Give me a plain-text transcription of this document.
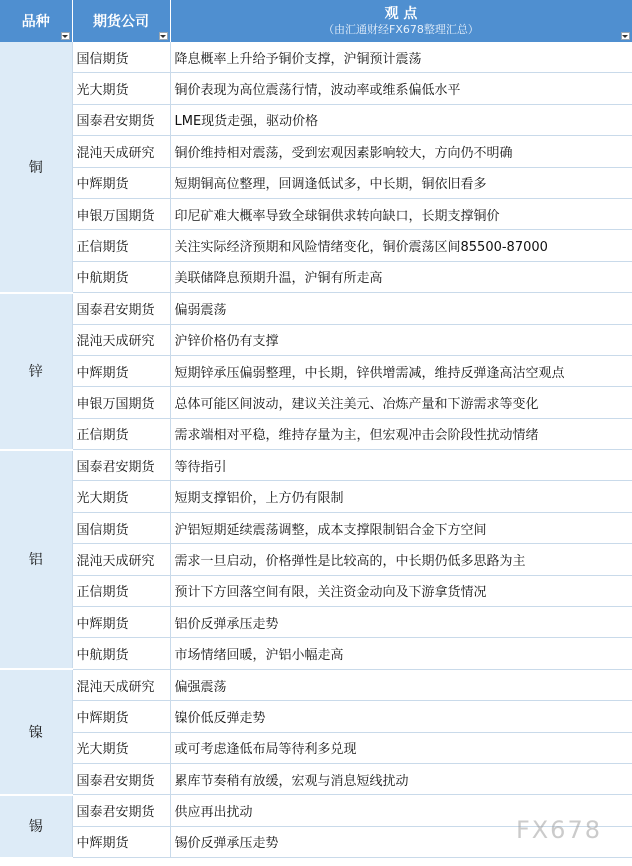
品种	期货公司	观 点
（由汇通财经FX678整理汇总）

铜	国信期货	降息概率上升给予铜价支撑，沪铜预计震荡
	光大期货	铜价表现为高位震荡行情，波动率或维系偏低水平
	国泰君安期货	LME现货走强，驱动价格
	混沌天成研究	铜价维持相对震荡，受到宏观因素影响较大，方向仍不明确
	中辉期货	短期铜高位整理，回调逢低试多，中长期，铜依旧看多
	申银万国期货	印尼矿难大概率导致全球铜供求转向缺口，长期支撑铜价
	正信期货	关注实际经济预期和风险情绪变化，铜价震荡区间85500-87000
	中航期货	美联储降息预期升温，沪铜有所走高
锌	国泰君安期货	偏弱震荡
	混沌天成研究	沪锌价格仍有支撑
	中辉期货	短期锌承压偏弱整理，中长期，锌供增需减，维持反弹逢高沽空观点
	申银万国期货	总体可能区间波动，建议关注美元、冶炼产量和下游需求等变化
	正信期货	需求端相对平稳，维持存量为主，但宏观冲击会阶段性扰动情绪
铝	国泰君安期货	等待指引
	光大期货	短期支撑铝价，上方仍有限制
	国信期货	沪铝短期延续震荡调整，成本支撑限制铝合金下方空间
	混沌天成研究	需求一旦启动，价格弹性是比较高的，中长期仍低多思路为主
	正信期货	预计下方回落空间有限，关注资金动向及下游拿货情况
	中辉期货	铝价反弹承压走势
	中航期货	市场情绪回暖，沪铝小幅走高
镍	混沌天成研究	偏强震荡
	中辉期货	镍价低反弹走势
	光大期货	或可考虑逢低布局等待利多兑现
	国泰君安期货	累库节奏稍有放缓，宏观与消息短线扰动
锡	国泰君安期货	供应再出扰动
	中辉期货	锡价反弹承压走势	FX678
